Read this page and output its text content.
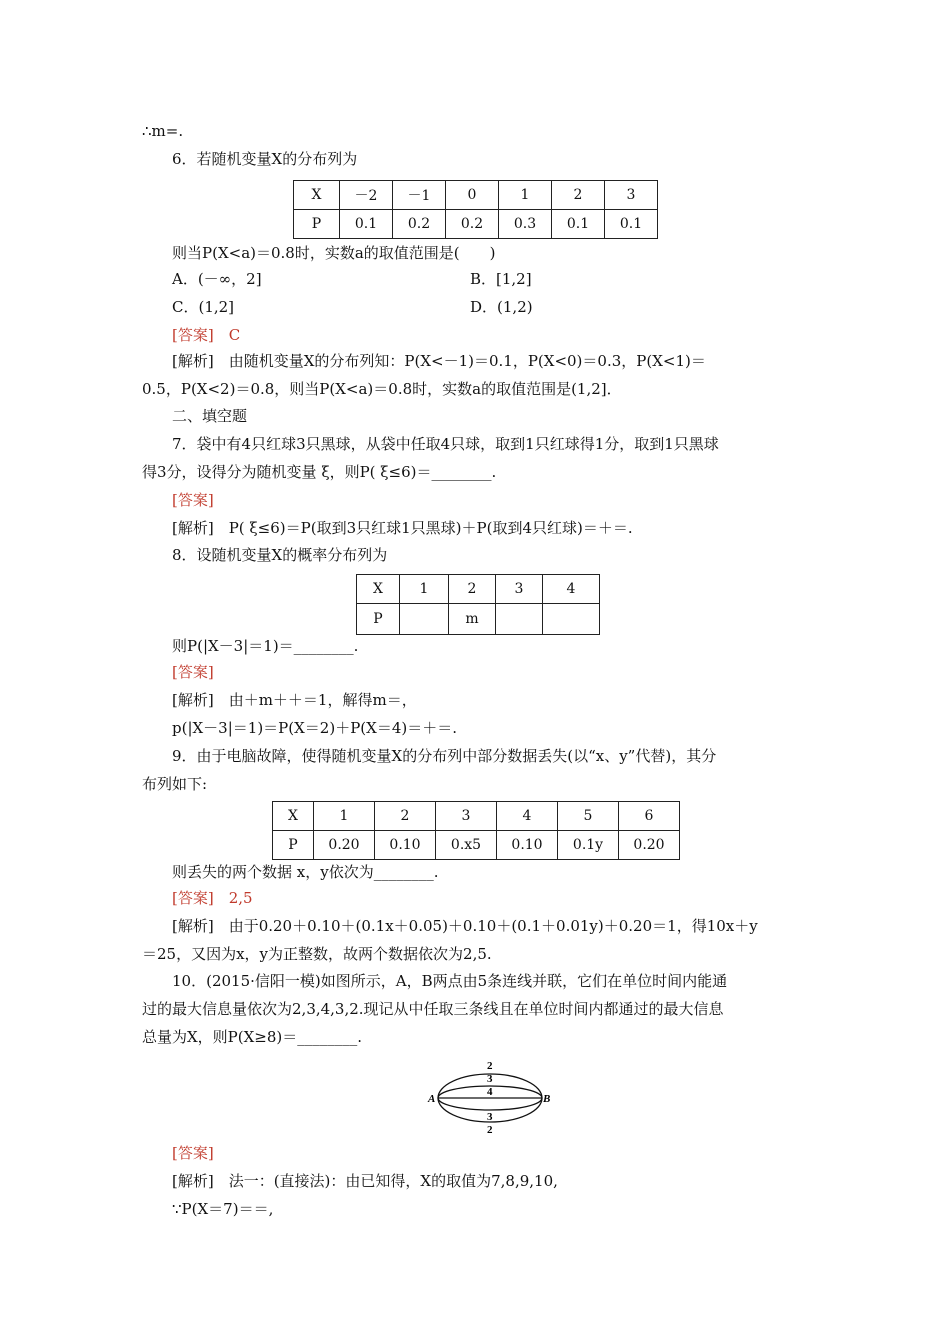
∴m=.
6．若随机变量X的分布列为
X	－2	－1	0	1	2	3
P	0.1	0.2	0.2	0.3	0.1	0.1
则当P(X<a)＝0.8时，实数a的取值范围是(　　)
A．(－∞，2]	B．[1,2]
C．(1,2]	D．(1,2)
[答案]　C
[解析]　由随机变量X的分布列知：P(X<－1)＝0.1，P(X<0)＝0.3，P(X<1)＝
0.5，P(X<2)＝0.8，则当P(X<a)＝0.8时，实数a的取值范围是(1,2]．
二、填空题
7．袋中有4只红球3只黑球，从袋中任取4只球，取到1只红球得1分，取到1只黑球
得3分，设得分为随机变量 ξ，则P( ξ≤6)＝________.
[答案]
[解析]　P( ξ≤6)＝P(取到3只红球1只黑球)＋P(取到4只红球)＝＋＝.
8．设随机变量X的概率分布列为
X	1	2	3	4
P		m		
则P(|X－3|＝1)＝________.
[答案]
[解析]　由＋m＋＋＝1，解得m＝，
p(|X－3|＝1)＝P(X＝2)＋P(X＝4)＝＋＝.
9．由于电脑故障，使得随机变量X的分布列中部分数据丢失(以“x、y”代替)，其分
布列如下:
X	1	2	3	4	5	6
P	0.20	0.10	0.x5	0.10	0.1y	0.20
则丢失的两个数据 x，y依次为________.
[答案]　2,5
[解析]　由于0.20＋0.10＋(0.1x＋0.05)＋0.10＋(0.1＋0.01y)＋0.20＝1，得10x＋y
＝25，又因为x，y为正整数，故两个数据依次为2,5.
10．(2015·信阳一模)如图所示，A，B两点由5条连线并联，它们在单位时间内能通
过的最大信息量依次为2,3,4,3,2.现记从中任取三条线且在单位时间内都通过的最大信息
总量为X，则P(X≥8)＝________.
A	B
2
3
4
3
2
[答案]
[解析]　法一：(直接法)：由已知得，X的取值为7,8,9,10,
∵P(X＝7)＝＝,
